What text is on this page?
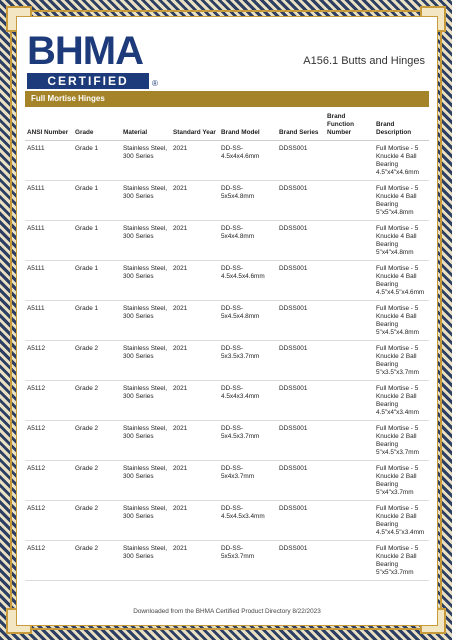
BHMA
CERTIFIED	®
A156.1 Butts and Hinges
Full Mortise Hinges
ANSI Number	Grade	Material	Standard Year	Brand Model	Brand Series	Brand Function Number	Brand Description
A5111	Grade 1	Stainless Steel, 300 Series	2021	DD-SS-4.5x4x4.6mm	DDSS001		Full Mortise - 5 Knuckle 4 Ball Bearing 4.5"x4"x4.6mm
A5111	Grade 1	Stainless Steel, 300 Series	2021	DD-SS-5x5x4.8mm	DDSS001		Full Mortise - 5 Knuckle 4 Ball Bearing 5"x5"x4.8mm
A5111	Grade 1	Stainless Steel, 300 Series	2021	DD-SS-5x4x4.8mm	DDSS001		Full Mortise - 5 Knuckle 4 Ball Bearing 5"x4"x4.8mm
A5111	Grade 1	Stainless Steel, 300 Series	2021	DD-SS-4.5x4.5x4.6mm	DDSS001		Full Mortise - 5 Knuckle 4 Ball Bearing 4.5"x4.5"x4.6mm
A5111	Grade 1	Stainless Steel, 300 Series	2021	DD-SS-5x4.5x4.8mm	DDSS001		Full Mortise - 5 Knuckle 4 Ball Bearing 5"x4.5"x4.8mm
A5112	Grade 2	Stainless Steel, 300 Series	2021	DD-SS-5x3.5x3.7mm	DDSS001		Full Mortise - 5 Knuckle 2 Ball Bearing 5"x3.5"x3.7mm
A5112	Grade 2	Stainless Steel, 300 Series	2021	DD-SS-4.5x4x3.4mm	DDSS001		Full Mortise - 5 Knuckle 2 Ball Bearing 4.5"x4"x3.4mm
A5112	Grade 2	Stainless Steel, 300 Series	2021	DD-SS-5x4.5x3.7mm	DDSS001		Full Mortise - 5 Knuckle 2 Ball Bearing 5"x4.5"x3.7mm
A5112	Grade 2	Stainless Steel, 300 Series	2021	DD-SS-5x4x3.7mm	DDSS001		Full Mortise - 5 Knuckle 2 Ball Bearing 5"x4"x3.7mm
A5112	Grade 2	Stainless Steel, 300 Series	2021	DD-SS-4.5x4.5x3.4mm	DDSS001		Full Mortise - 5 Knuckle 2 Ball Bearing 4.5"x4.5"x3.4mm
A5112	Grade 2	Stainless Steel, 300 Series	2021	DD-SS-5x5x3.7mm	DDSS001		Full Mortise - 5 Knuckle 2 Ball Bearing 5"x5"x3.7mm
Downloaded from the BHMA Certified Product Directory 8/22/2023
